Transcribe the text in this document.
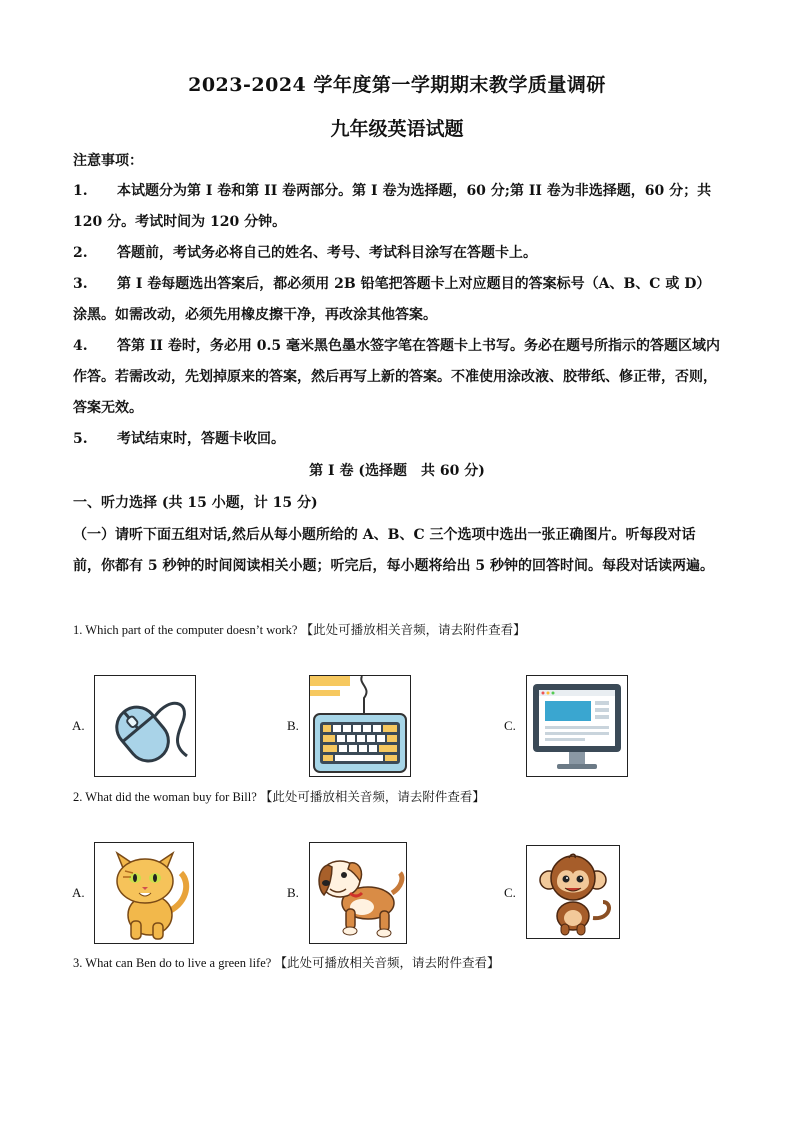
2023-2024 学年度第一学期期末教学质量调研
九年级英语试题
注意事项：
1. 本试题分为第 I 卷和第 II 卷两部分。第 I 卷为选择题，60 分;第 II 卷为非选择题，60 分；共 120 分。考试时间为 120 分钟。
2. 答题前，考试务必将自己的姓名、考号、考试科目涂写在答题卡上。
3. 第 I 卷每题选出答案后，都必须用 2B 铅笔把答题卡上对应题目的答案标号（A、B、C 或 D）涂黑。如需改动，必须先用橡皮擦干净，再改涂其他答案。
4. 答第 II 卷时，务必用 0.5 毫米黑色墨水签字笔在答题卡上书写。务必在题号所指示的答题区域内作答。若需改动，先划掉原来的答案，然后再写上新的答案。不准使用涂改液、胶带纸、修正带，否则，答案无效。
5. 考试结束时，答题卡收回。
第 I 卷 (选择题　共 60 分)
一、听力选择 (共 15 小题，计 15 分)
（一）请听下面五组对话,然后从每小题所给的 A、B、C 三个选项中选出一张正确图片。听每段对话前，你都有 5 秒钟的时间阅读相关小题；听完后，每小题将给出 5 秒钟的回答时间。每段对话读两遍。
1. Which part of the computer doesn’t work? 【此处可播放相关音频，请去附件查看】
A.	B.	C.
2. What did the woman buy for Bill? 【此处可播放相关音频，请去附件查看】
A.	B.	C.
3. What can Ben do to live a green life? 【此处可播放相关音频，请去附件查看】
